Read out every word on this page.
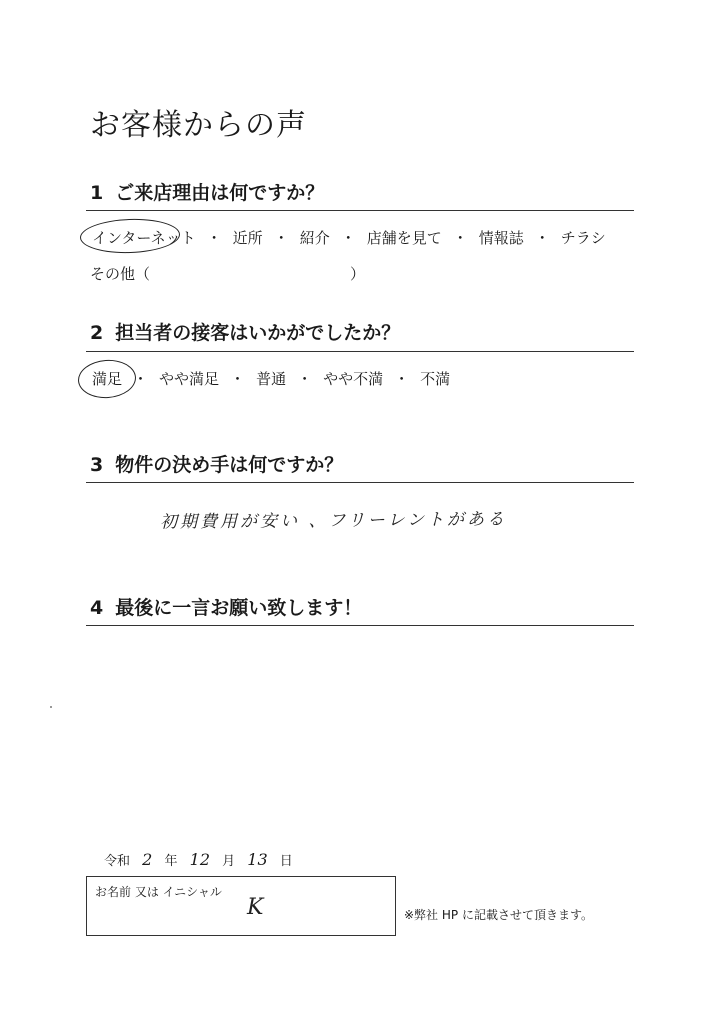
お客様からの声
1 ご来店理由は何ですか？
インターネット ・ 近所 ・ 紹介 ・ 店舗を見て ・ 情報誌 ・ チラシ
その他（	）
2 担当者の接客はいかがでしたか？
満足 ・ やや満足 ・ 普通 ・ やや不満 ・ 不満
3 物件の決め手は何ですか？
初期費用が安い 、フリーレントがある
4 最後に一言お願い致します！
令和 2 年 12 月 13 日
お名前 又は イニシャル
K	※弊社 HP に記載させて頂きます。
